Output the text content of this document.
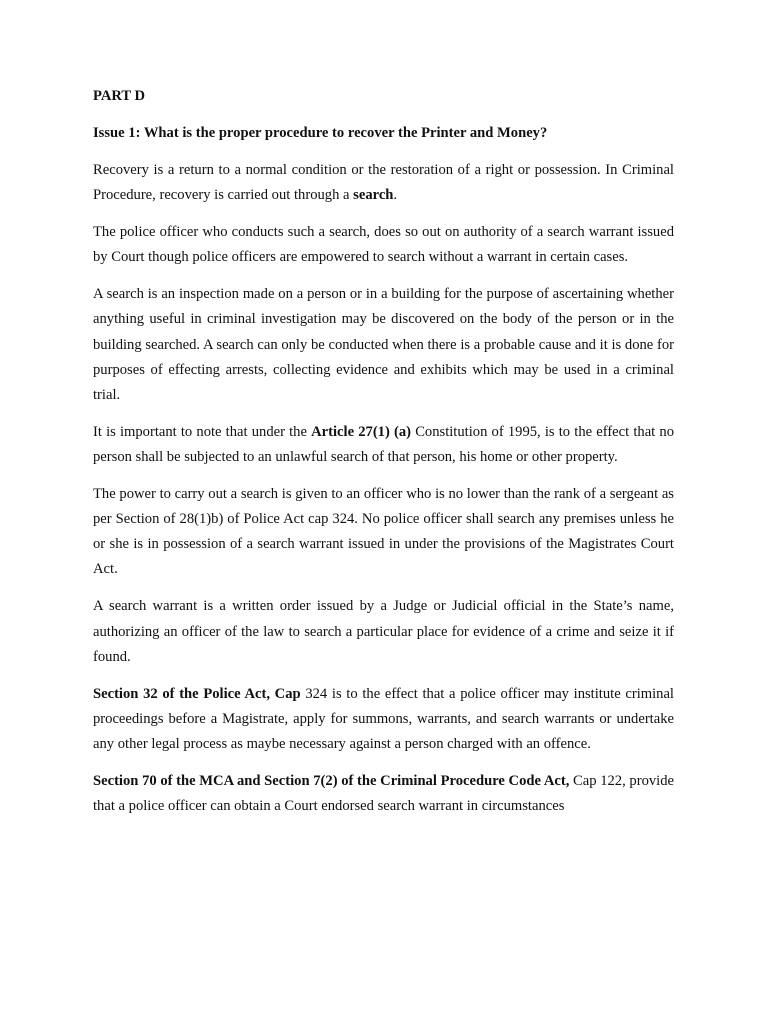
PART D
Issue 1: What is the proper procedure to recover the Printer and Money?

Recovery is a return to a normal condition or the restoration of a right or possession. In Criminal Procedure, recovery is carried out through a search.

The police officer who conducts such a search, does so out on authority of a search warrant issued by Court though police officers are empowered to search without a warrant in certain cases.

A search is an inspection made on a person or in a building for the purpose of ascertaining whether anything useful in criminal investigation may be discovered on the body of the person or in the building searched. A search can only be conducted when there is a probable cause and it is done for purposes of effecting arrests, collecting evidence and exhibits which may be used in a criminal trial.

It is important to note that under the Article 27(1) (a) Constitution of 1995, is to the effect that no person shall be subjected to an unlawful search of that person, his home or other property.

The power to carry out a search is given to an officer who is no lower than the rank of a sergeant as per Section of 28(1)b) of Police Act cap 324. No police officer shall search any premises unless he or she is in possession of a search warrant issued in under the provisions of the Magistrates Court Act.

A search warrant is a written order issued by a Judge or Judicial official in the State’s name, authorizing an officer of the law to search a particular place for evidence of a crime and seize it if found.

Section 32 of the Police Act, Cap 324 is to the effect that a police officer may institute criminal proceedings before a Magistrate, apply for summons, warrants, and search warrants or undertake any other legal process as maybe necessary against a person charged with an offence.

Section 70 of the MCA and Section 7(2) of the Criminal Procedure Code Act, Cap 122, provide that a police officer can obtain a Court endorsed search warrant in circumstances
